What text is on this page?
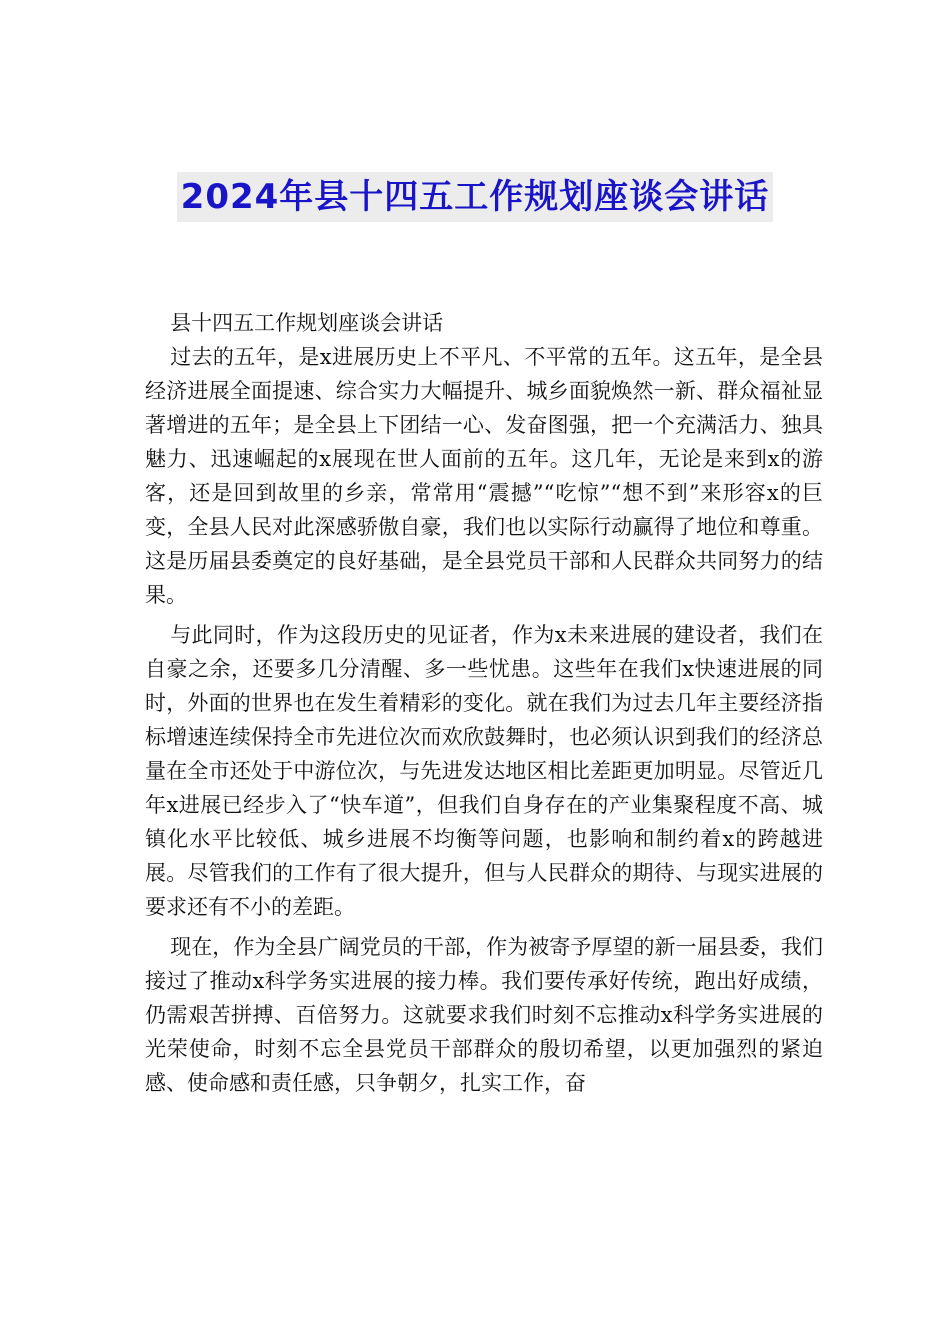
2024年县十四五工作规划座谈会讲话

县十四五工作规划座谈会讲话

过去的五年，是x进展历史上不平凡、不平常的五年。这五年，是全县经济进展全面提速、综合实力大幅提升、城乡面貌焕然一新、群众福祉显著增进的五年；是全县上下团结一心、发奋图强，把一个充满活力、独具魅力、迅速崛起的x展现在世人面前的五年。这几年，无论是来到x的游客，还是回到故里的乡亲，常常用“震撼”“吃惊”“想不到”来形容x的巨变，全县人民对此深感骄傲自豪，我们也以实际行动赢得了地位和尊重。这是历届县委奠定的良好基础，是全县党员干部和人民群众共同努力的结果。

与此同时，作为这段历史的见证者，作为x未来进展的建设者，我们在自豪之余，还要多几分清醒、多一些忧患。这些年在我们x快速进展的同时，外面的世界也在发生着精彩的变化。就在我们为过去几年主要经济指标增速连续保持全市先进位次而欢欣鼓舞时，也必须认识到我们的经济总量在全市还处于中游位次，与先进发达地区相比差距更加明显。尽管近几年x进展已经步入了“快车道”，但我们自身存在的产业集聚程度不高、城镇化水平比较低、城乡进展不均衡等问题，也影响和制约着x的跨越进展。尽管我们的工作有了很大提升，但与人民群众的期待、与现实进展的要求还有不小的差距。

现在，作为全县广阔党员的干部，作为被寄予厚望的新一届县委，我们接过了推动x科学务实进展的接力棒。我们要传承好传统，跑出好成绩，仍需艰苦拼搏、百倍努力。这就要求我们时刻不忘推动x科学务实进展的光荣使命，时刻不忘全县党员干部群众的殷切希望，以更加强烈的紧迫感、使命感和责任感，只争朝夕，扎实工作，奋
